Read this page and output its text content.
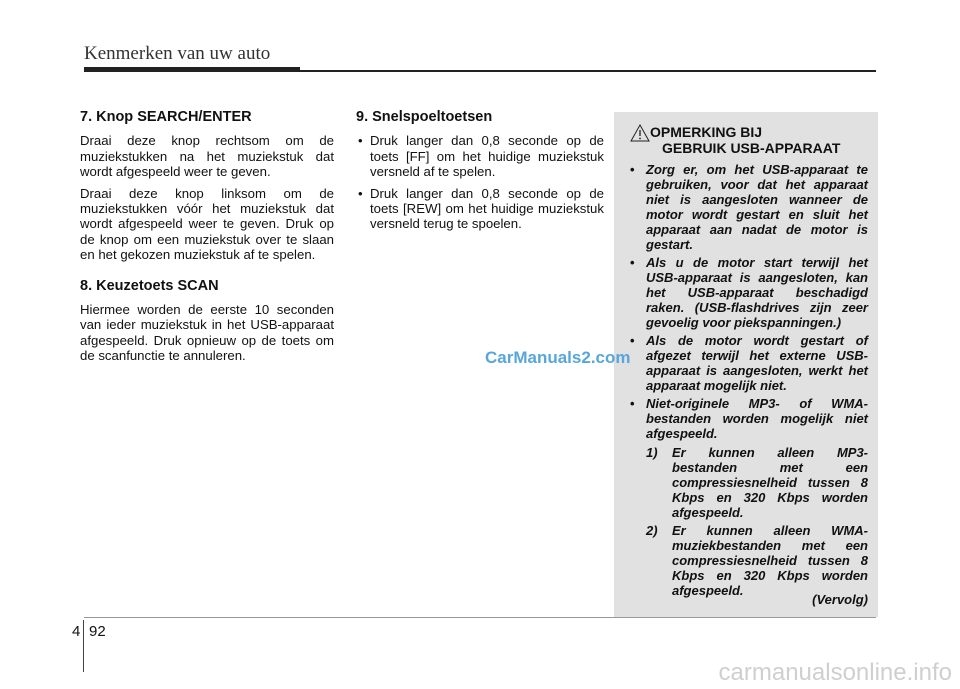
Kenmerken van uw auto
7. Knop SEARCH/ENTER

Draai deze knop rechtsom om de muziekstukken na het muziekstuk dat wordt afgespeeld weer te geven.

Draai deze knop linksom om de muziekstukken vóór het muziekstuk dat wordt afgespeeld weer te geven. Druk op de knop om een muziekstuk over te slaan en het gekozen muziekstuk af te spelen.

8. Keuzetoets SCAN

Hiermee worden de eerste 10 seconden van ieder muziekstuk in het USB-apparaat afgespeeld. Druk opnieuw op de toets om de scanfunctie te annuleren.

9. Snelspoeltoetsen
• Druk langer dan 0,8 seconde op de toets [FF] om het huidige muziekstuk versneld af te spelen.
• Druk langer dan 0,8 seconde op de toets [REW] om het huidige muziekstuk versneld terug te spoelen.
OPMERKING BIJ
GEBRUIK USB-APPARAAT
• Zorg er, om het USB-apparaat te gebruiken, voor dat het apparaat niet is aangesloten wanneer de motor wordt gestart en sluit het apparaat aan nadat de motor is gestart.
• Als u de motor start terwijl het USB-apparaat is aangesloten, kan het USB-apparaat beschadigd raken. (USB-flashdrives zijn zeer gevoelig voor piekspanningen.)
• Als de motor wordt gestart of afgezet terwijl het externe USB-apparaat is aangesloten, werkt het apparaat mogelijk niet.
• Niet-originele MP3- of WMA-bestanden worden mogelijk niet afgespeeld.
1) Er kunnen alleen MP3-bestanden met een compressiesnelheid tussen 8 Kbps en 320 Kbps worden afgespeeld.
2) Er kunnen alleen WMA-muziekbestanden met een compressiesnelheid tussen 8 Kbps en 320 Kbps worden afgespeeld.
(Vervolg)
CarManuals2.com
4 92
carmanualsonline.info
